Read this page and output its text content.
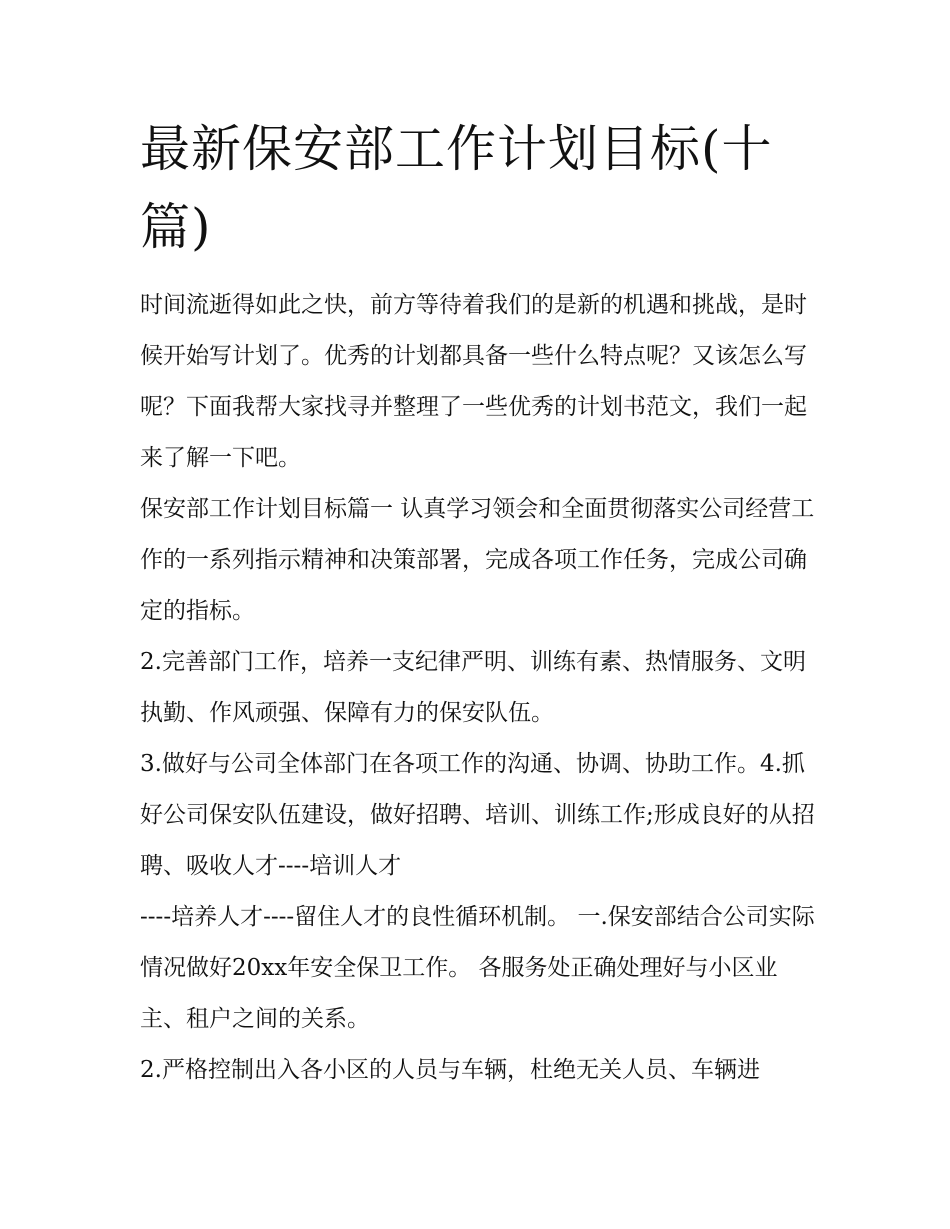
最新保安部工作计划目标(十篇)

时间流逝得如此之快，前方等待着我们的是新的机遇和挑战，是时候开始写计划了。优秀的计划都具备一些什么特点呢？又该怎么写呢？下面我帮大家找寻并整理了一些优秀的计划书范文，我们一起来了解一下吧。

保安部工作计划目标篇一 认真学习领会和全面贯彻落实公司经营工作的一系列指示精神和决策部署，完成各项工作任务，完成公司确定的指标。

2.完善部门工作，培养一支纪律严明、训练有素、热情服务、文明执勤、作风顽强、保障有力的保安队伍。

3.做好与公司全体部门在各项工作的沟通、协调、协助工作。4.抓好公司保安队伍建设，做好招聘、培训、训练工作;形成良好的从招聘、吸收人才----培训人才

----培养人才----留住人才的良性循环机制。 一.保安部结合公司实际情况做好20xx年安全保卫工作。 各服务处正确处理好与小区业主、租户之间的关系。

2.严格控制出入各小区的人员与车辆，杜绝无关人员、车辆进
